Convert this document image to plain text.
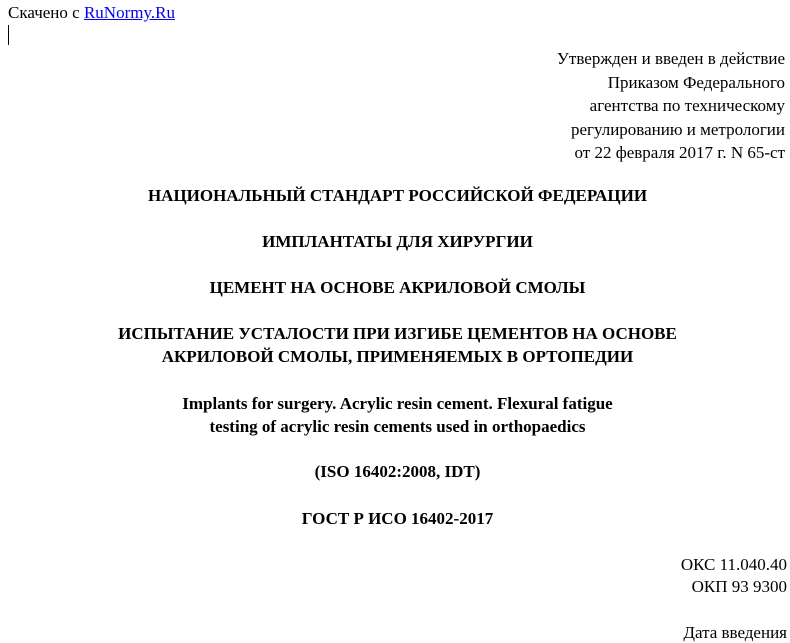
Скачено с RuNormy.Ru
Утвержден и введен в действие
Приказом Федерального
агентства по техническому
регулированию и метрологии
от 22 февраля 2017 г. N 65-ст
НАЦИОНАЛЬНЫЙ СТАНДАРТ РОССИЙСКОЙ ФЕДЕРАЦИИ
ИМПЛАНТАТЫ ДЛЯ ХИРУРГИИ
ЦЕМЕНТ НА ОСНОВЕ АКРИЛОВОЙ СМОЛЫ
ИСПЫТАНИЕ УСТАЛОСТИ ПРИ ИЗГИБЕ ЦЕМЕНТОВ НА ОСНОВЕ
АКРИЛОВОЙ СМОЛЫ, ПРИМЕНЯЕМЫХ В ОРТОПЕДИИ
Implants for surgery. Acrylic resin cement. Flexural fatigue
testing of acrylic resin cements used in orthopaedics
(ISO 16402:2008, IDT)
ГОСТ Р ИСО 16402-2017
ОКС 11.040.40
ОКП 93 9300
Дата введения
